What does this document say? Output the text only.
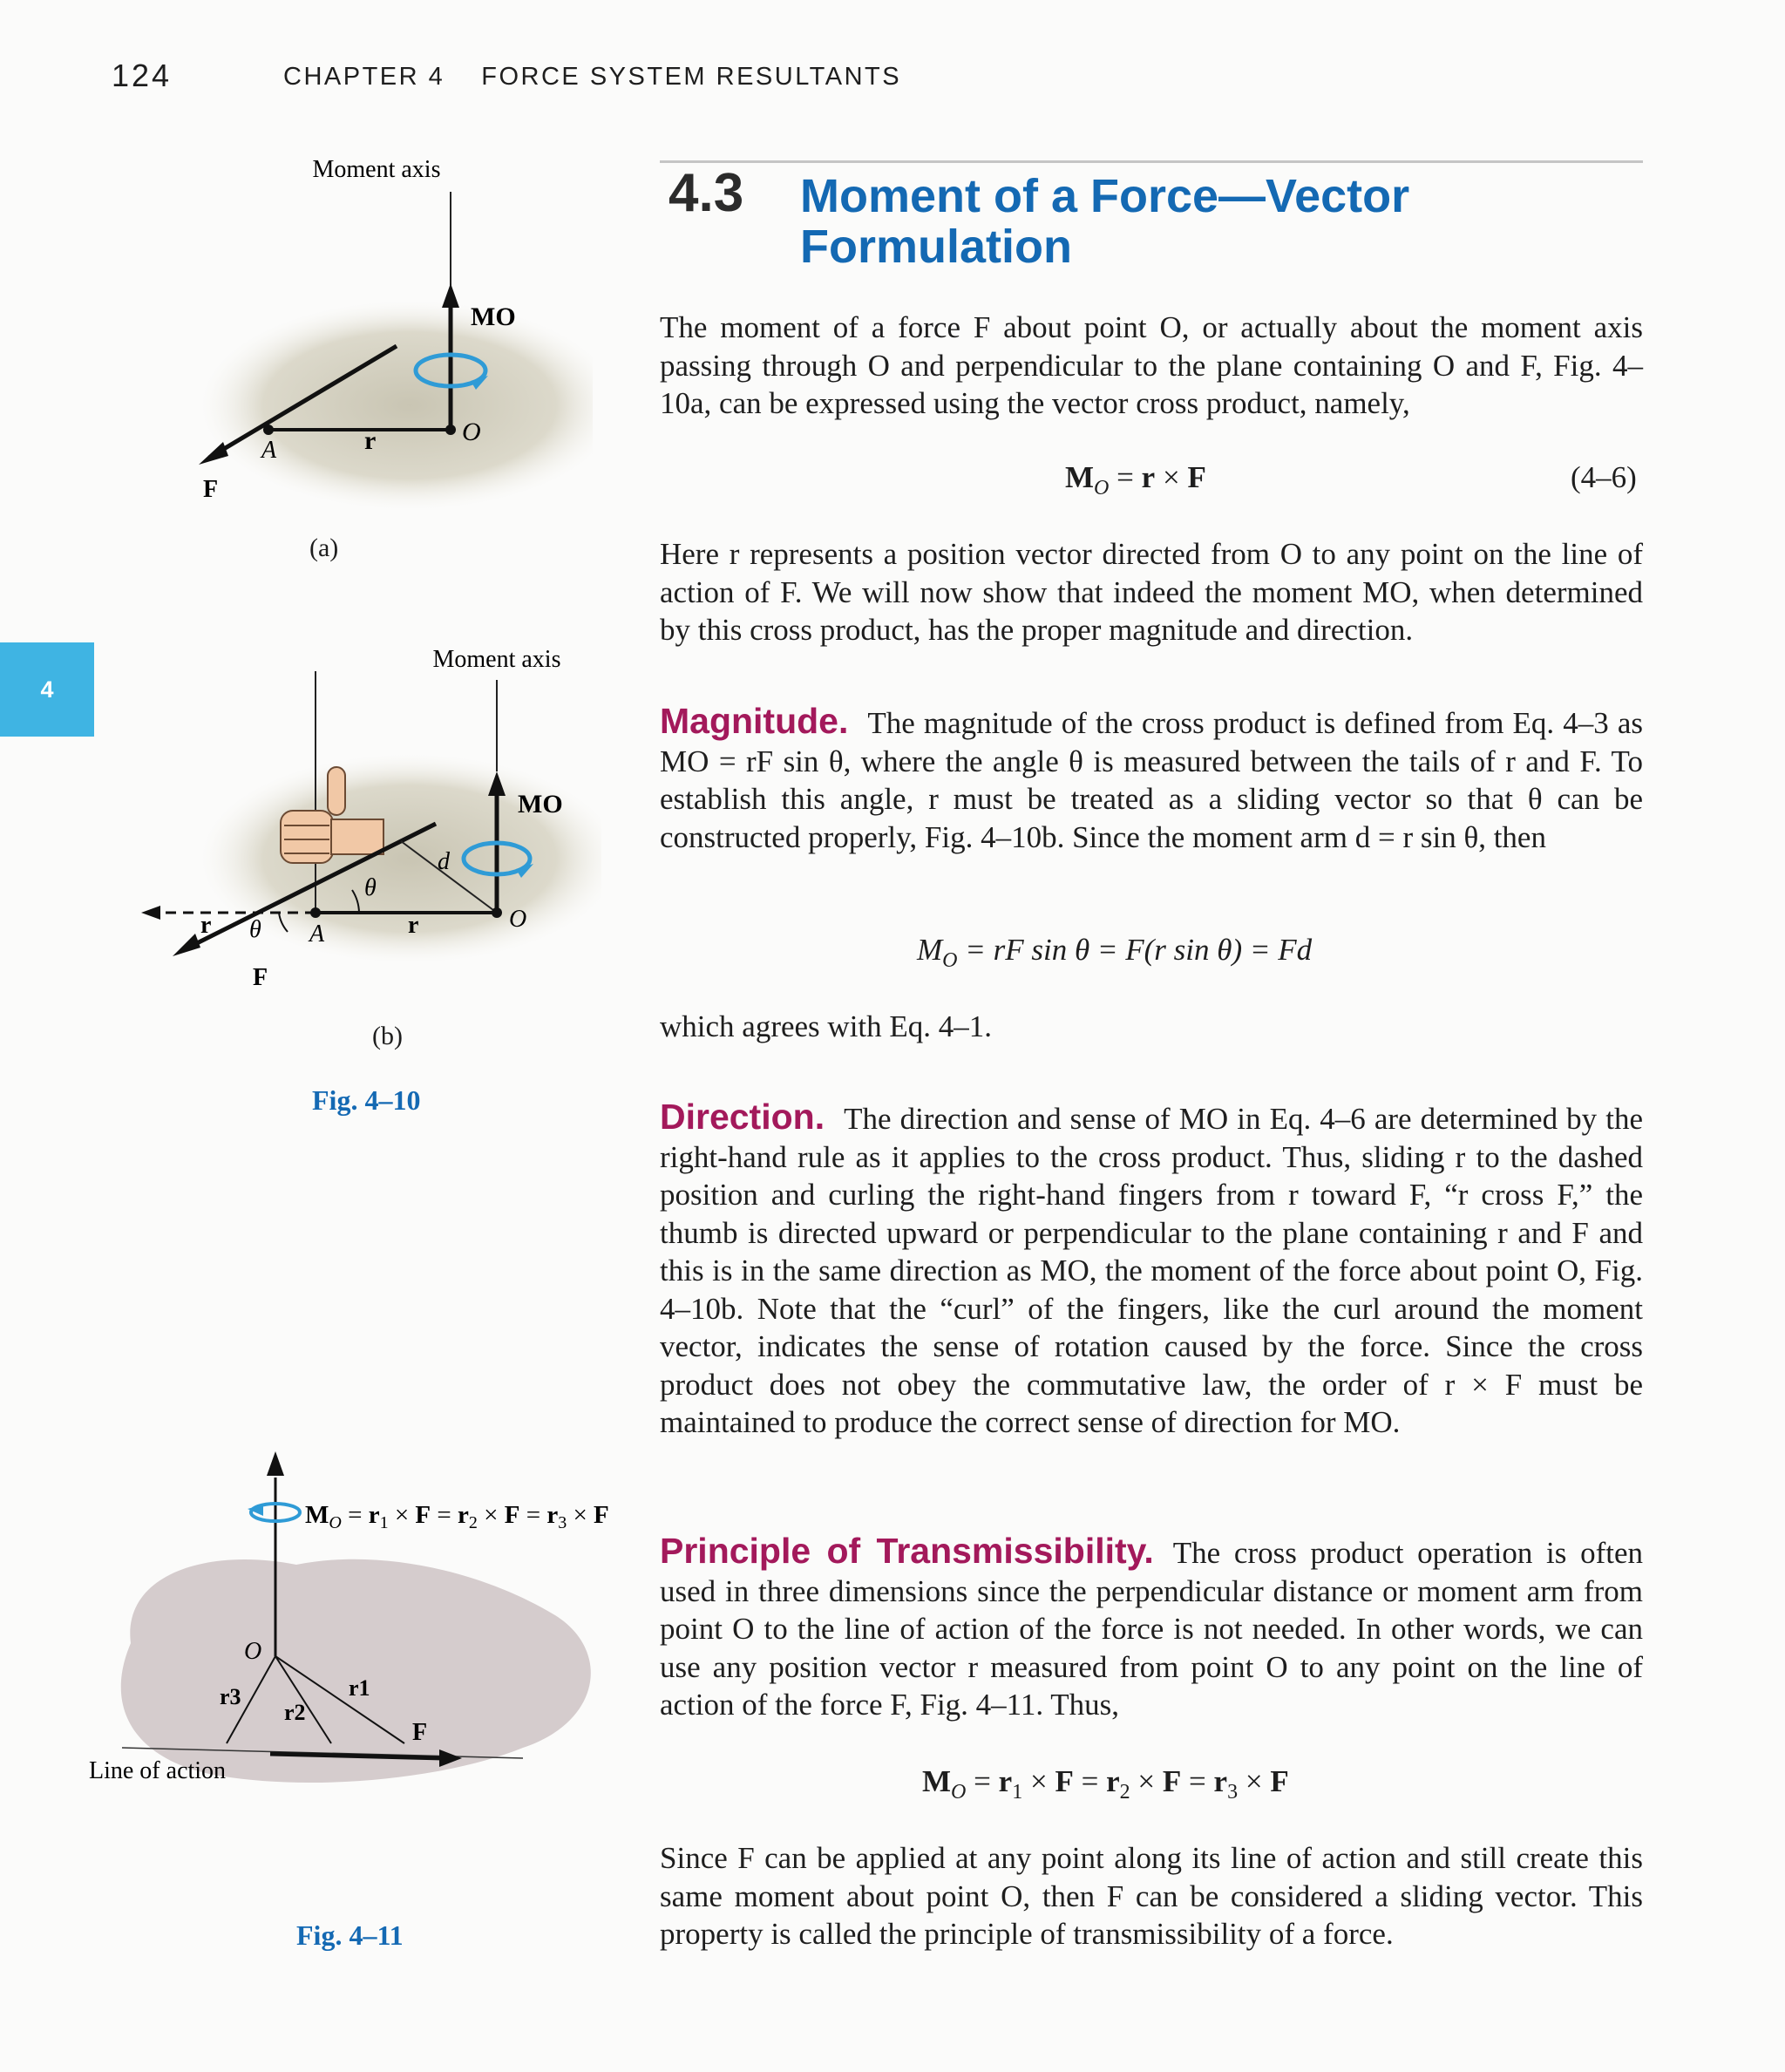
124	CHAPTER 4 FORCE SYSTEM RESULTANTS
4
4.3 Moment of a Force—Vector Formulation

The moment of a force F about point O, or actually about the moment axis passing through O and perpendicular to the plane containing O and F, Fig. 4–10a, can be expressed using the vector cross product, namely,

$M_O = r \times F$	(4–6)

Here r represents a position vector directed from O to any point on the line of action of F. We will now show that indeed the moment MO, when determined by this cross product, has the proper magnitude and direction.

Magnitude. The magnitude of the cross product is defined from Eq. 4–3 as MO = rF sin θ, where the angle θ is measured between the tails of r and F. To establish this angle, r must be treated as a sliding vector so that θ can be constructed properly, Fig. 4–10b. Since the moment arm d = r sin θ, then

$M_O$ = rF sin θ = F(r sin θ) = Fd

which agrees with Eq. 4–1.

Direction. The direction and sense of MO in Eq. 4–6 are determined by the right-hand rule as it applies to the cross product. Thus, sliding r to the dashed position and curling the right-hand fingers from r toward F, “r cross F,” the thumb is directed upward or perpendicular to the plane containing r and F and this is in the same direction as MO, the moment of the force about point O, Fig. 4–10b. Note that the “curl” of the fingers, like the curl around the moment vector, indicates the sense of rotation caused by the force. Since the cross product does not obey the commutative law, the order of r × F must be maintained to produce the correct sense of direction for MO.

Principle of Transmissibility. The cross product operation is often used in three dimensions since the perpendicular distance or moment arm from point O to the line of action of the force is not needed. In other words, we can use any position vector r measured from point O to any point on the line of action of the force F, Fig. 4–11. Thus,

$M_O = r_1 \times F = r_2 \times F = r_3 \times F$

Since F can be applied at any point along its line of action and still create this same moment about point O, then F can be considered a sliding vector. This property is called the principle of transmissibility of a force.

Moment axis
MO
O
r
A
F
(a)
Moment axis
MO
r
d
θ
θ A	r	O
F
(b)
Fig. 4–10
$M_O = r_1 \times F = r_2 \times F = r_3 \times F$
O
r3
r2
r1
F
Line of action
Fig. 4–11
